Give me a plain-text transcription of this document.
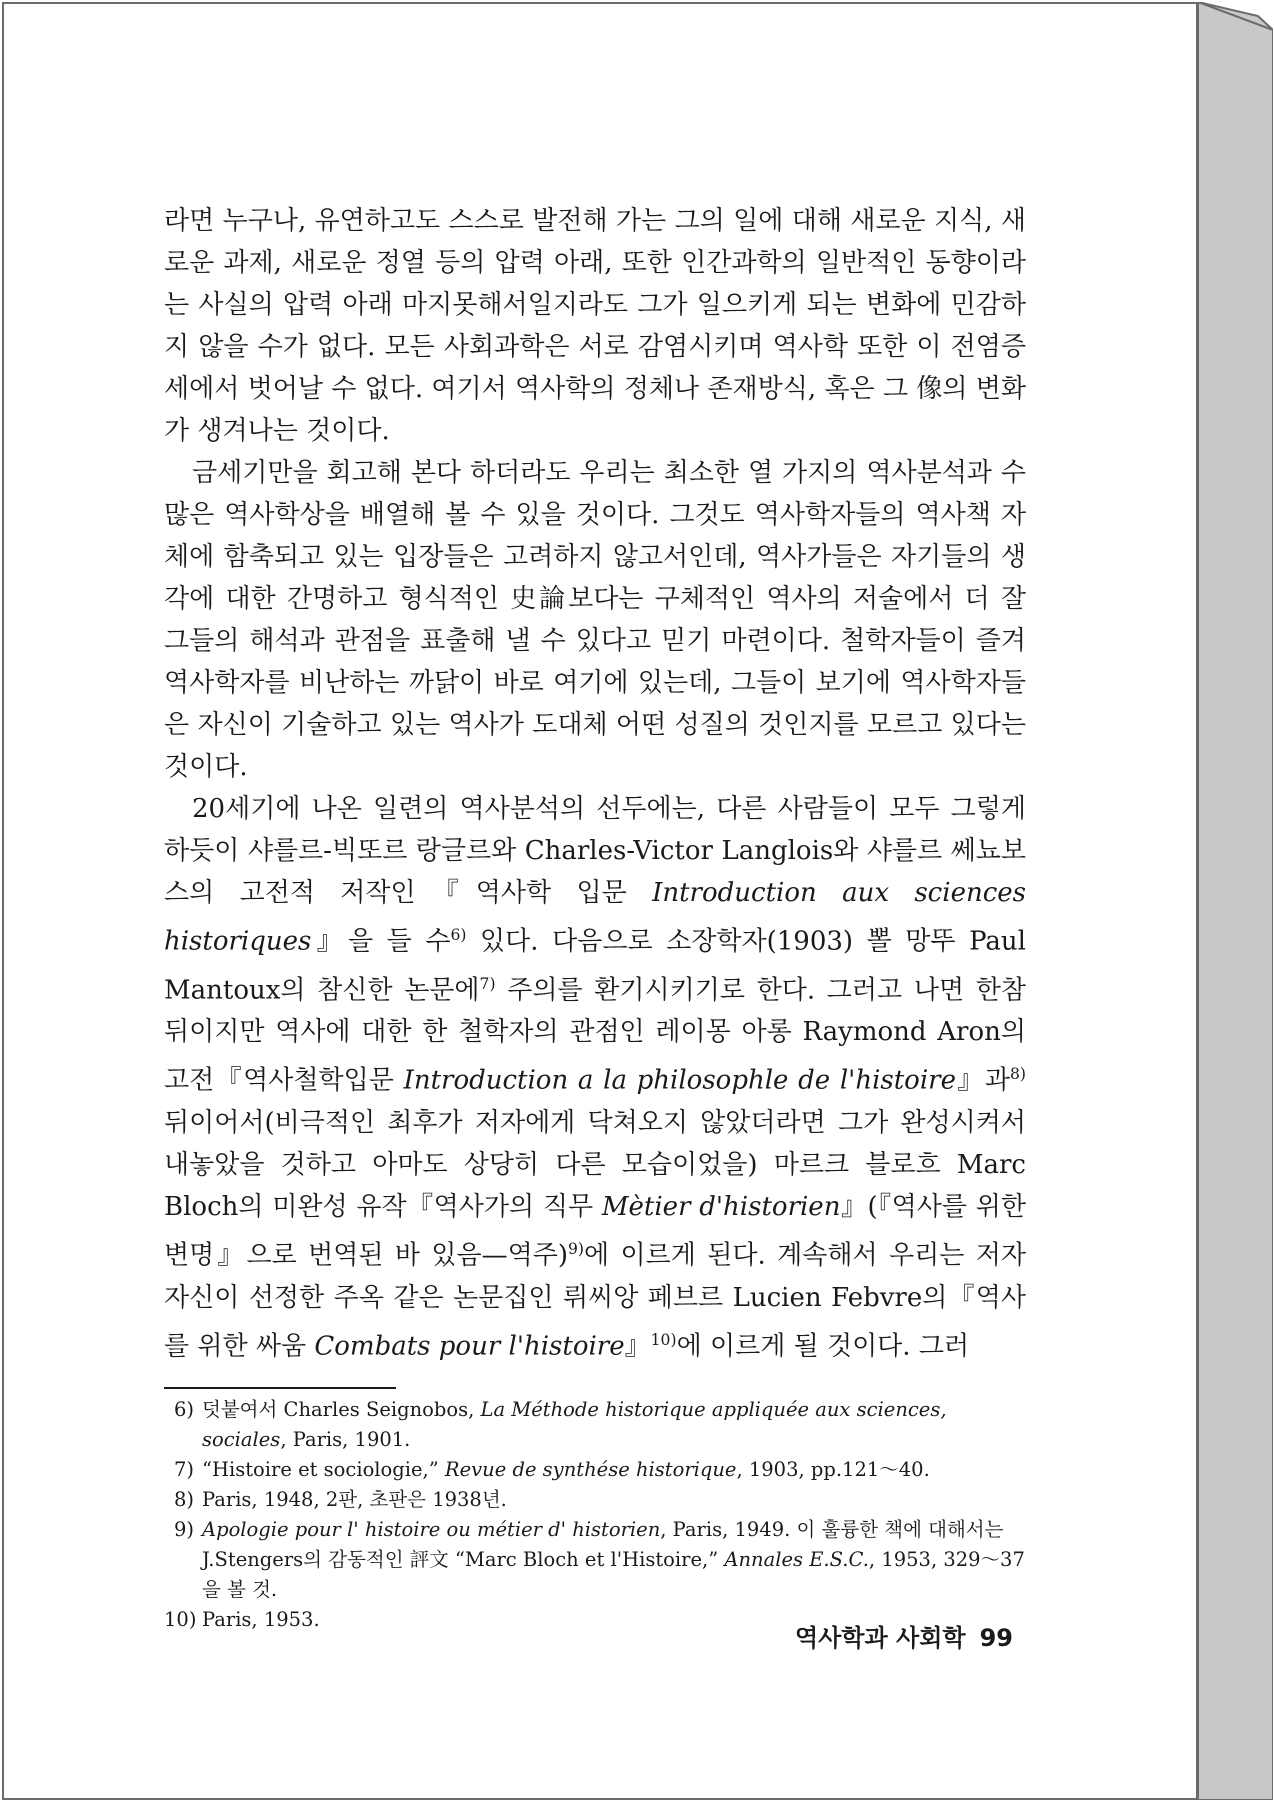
라면 누구나, 유연하고도 스스로 발전해 가는 그의 일에 대해 새로운 지식, 새로운 과제, 새로운 정열 등의 압력 아래, 또한 인간과학의 일반적인 동향이라는 사실의 압력 아래 마지못해서일지라도 그가 일으키게 되는 변화에 민감하지 않을 수가 없다. 모든 사회과학은 서로 감염시키며 역사학 또한 이 전염증세에서 벗어날 수 없다. 여기서 역사학의 정체나 존재방식, 혹은 그 像의 변화가 생겨나는 것이다.

금세기만을 회고해 본다 하더라도 우리는 최소한 열 가지의 역사분석과 수많은 역사학상을 배열해 볼 수 있을 것이다. 그것도 역사학자들의 역사책 자체에 함축되고 있는 입장들은 고려하지 않고서인데, 역사가들은 자기들의 생각에 대한 간명하고 형식적인 史論보다는 구체적인 역사의 저술에서 더 잘 그들의 해석과 관점을 표출해 낼 수 있다고 믿기 마련이다. 철학자들이 즐겨 역사학자를 비난하는 까닭이 바로 여기에 있는데, 그들이 보기에 역사학자들은 자신이 기술하고 있는 역사가 도대체 어떤 성질의 것인지를 모르고 있다는 것이다.

20세기에 나온 일련의 역사분석의 선두에는, 다른 사람들이 모두 그렇게 하듯이 샤를르-빅또르 랑글르와 Charles-Victor Langlois와 샤를르 쎄뇨보스의 고전적 저작인『역사학 입문 Introduction aux sciences historiques』을 들 수$^{6)}$ 있다. 다음으로 소장학자(1903) 뽈 망뚜 Paul Mantoux의 참신한 논문에$^{7)}$ 주의를 환기시키기로 한다. 그러고 나면 한참 뒤이지만 역사에 대한 한 철학자의 관점인 레이몽 아롱 Raymond Aron의 고전『역사철학입문 Introduction a la philosophle de l'histoire』과$^{8)}$ 뒤이어서(비극적인 최후가 저자에게 닥쳐오지 않았더라면 그가 완성시켜서 내놓았을 것하고 아마도 상당히 다른 모습이었을) 마르크 블로흐 Marc Bloch의 미완성 유작『역사가의 직무 Mètier d'historien』(『역사를 위한 변명』으로 번역된 바 있음—역주)$^{9)}$에 이르게 된다. 계속해서 우리는 저자 자신이 선정한 주옥 같은 논문집인 뤼씨앙 페브르 Lucien Febvre의『역사를 위한 싸움 Combats pour l'histoire』$^{10)}$에 이르게 될 것이다. 그러

6) 덧붙여서 Charles Seignobos, La Méthode historique appliquée aux sciences, sociales, Paris, 1901.
7) “Histoire et sociologie,” Revue de synthése historique, 1903, pp.121～40.
8) Paris, 1948, 2판, 초판은 1938년.
9) Apologie pour l' histoire ou métier d' historien, Paris, 1949. 이 훌륭한 책에 대해서는 J.Stengers의 감동적인 評文 “Marc Bloch et l'Histoire,” Annales E.S.C., 1953, 329～37을 볼 것.
10) Paris, 1953.
역사학과 사회학 99
